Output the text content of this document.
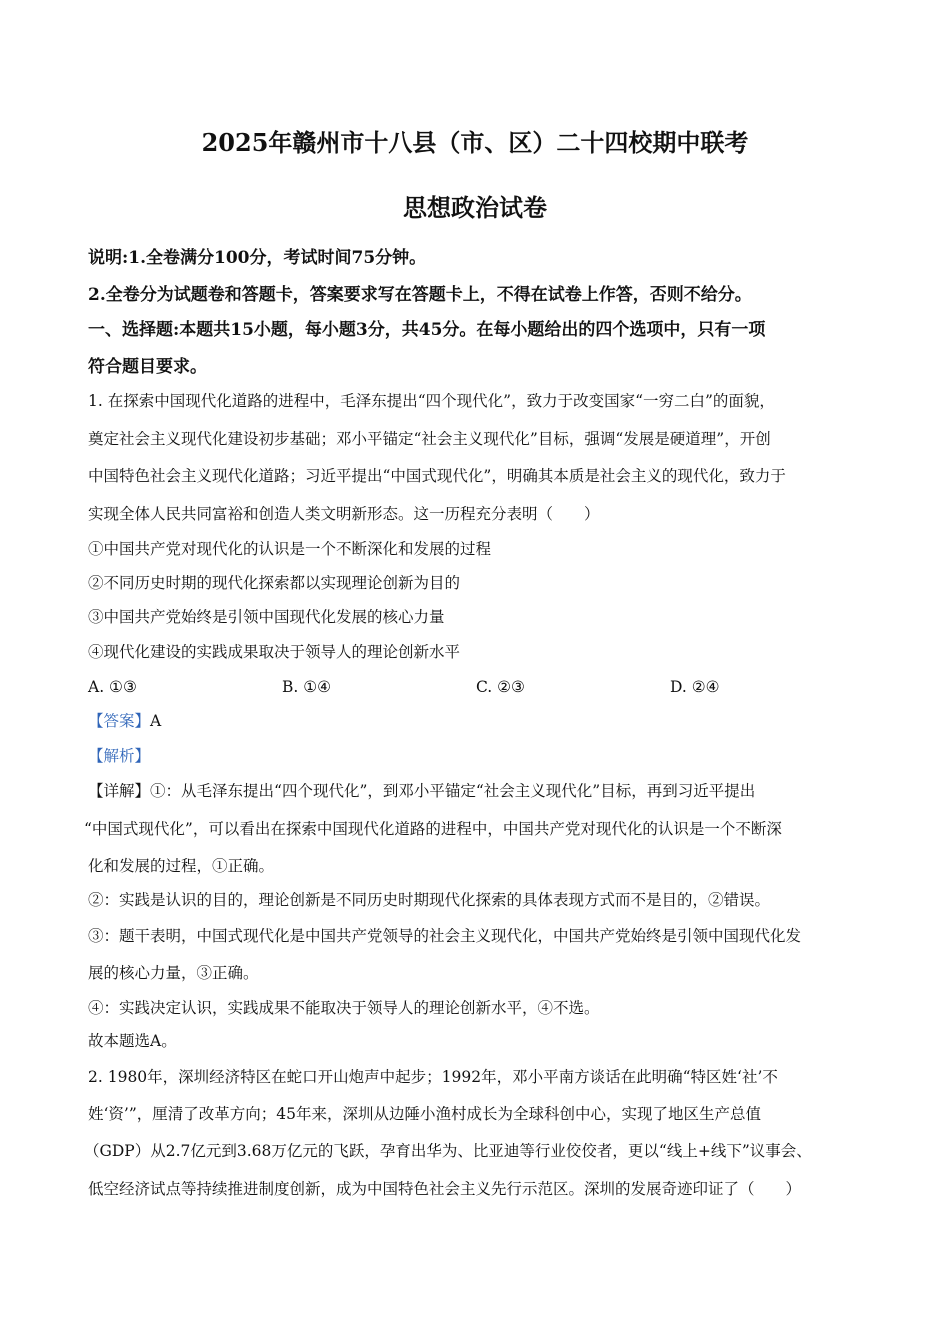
2025年赣州市十八县（市、区）二十四校期中联考
思想政治试卷
说明:1.全卷满分100分，考试时间75分钟。
2.全卷分为试题卷和答题卡，答案要求写在答题卡上，不得在试卷上作答，否则不给分。
一、选择题:本题共15小题，每小题3分，共45分。在每小题给出的四个选项中，只有一项
符合题目要求。
1. 在探索中国现代化道路的进程中，毛泽东提出“四个现代化”，致力于改变国家“一穷二白”的面貌，
奠定社会主义现代化建设初步基础；邓小平锚定“社会主义现代化”目标，强调“发展是硬道理”，开创
中国特色社会主义现代化道路；习近平提出“中国式现代化”，明确其本质是社会主义的现代化，致力于
实现全体人民共同富裕和创造人类文明新形态。这一历程充分表明（　　）
①中国共产党对现代化的认识是一个不断深化和发展的过程
②不同历史时期的现代化探索都以实现理论创新为目的
③中国共产党始终是引领中国现代化发展的核心力量
④现代化建设的实践成果取决于领导人的理论创新水平
A. ①③	B. ①④	C. ②③	D. ②④
【答案】A
【解析】
【详解】①：从毛泽东提出“四个现代化”，到邓小平锚定“社会主义现代化”目标，再到习近平提出
“中国式现代化”，可以看出在探索中国现代化道路的进程中，中国共产党对现代化的认识是一个不断深
化和发展的过程，①正确。
②：实践是认识的目的，理论创新是不同历史时期现代化探索的具体表现方式而不是目的，②错误。
③：题干表明，中国式现代化是中国共产党领导的社会主义现代化，中国共产党始终是引领中国现代化发
展的核心力量，③正确。
④：实践决定认识，实践成果不能取决于领导人的理论创新水平，④不选。
故本题选A。
2. 1980年，深圳经济特区在蛇口开山炮声中起步；1992年，邓小平南方谈话在此明确“特区姓‘社’不
姓‘资’”，厘清了改革方向；45年来，深圳从边陲小渔村成长为全球科创中心，实现了地区生产总值
（GDP）从2.7亿元到3.68万亿元的飞跃，孕育出华为、比亚迪等行业佼佼者，更以“线上+线下”议事会、
低空经济试点等持续推进制度创新，成为中国特色社会主义先行示范区。深圳的发展奇迹印证了（　　）
